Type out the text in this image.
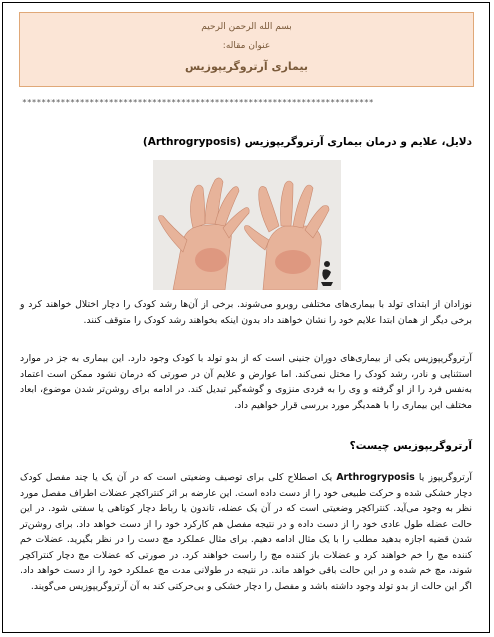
بسم الله الرحمن الرحیم
عنوان مقاله:
بیماری آرتروگریپوزیس
*************************************************************************
دلایل، علایم و درمان بیماری آرتروگریپوزیس (Arthrogryposis)
نوزادان از ابتدای تولد با بیماری‌های مختلفی روبرو می‌شوند. برخی از آن‌ها رشد کودک را دچار اختلال خواهند کرد و برخی دیگر از همان ابتدا علایم خود را نشان خواهند داد بدون اینکه بخواهند رشد کودک را متوقف کنند.
آرتروگریپوزیس یکی از بیماری‌های دوران جنینی است که از بدو تولد با کودک وجود دارد. این بیماری به جز در موارد استثنایی و نادر، رشد کودک را مختل نمی‌کند. اما عوارض و علایم آن در صورتی که درمان نشود ممکن است اعتماد به‌نفس فرد را از او گرفته و وی را به فردی منزوی و گوشه‌گیر تبدیل کند. در ادامه برای روشن‌تر شدن موضوع، ابعاد مختلف این بیماری را با همدیگر مورد بررسی قرار خواهیم داد.
آرتروگریپوزیس چیست؟
آرتروگریپوز یا Arthrogryposis یک اصطلاح کلی برای توصیف وضعیتی است که در آن یک یا چند مفصل کودک دچار خشکی شده و حرکت طبیعی خود را از دست داده است. این عارضه بر اثر کنتراکچر عضلات اطراف مفصل مورد نظر به وجود می‌آید. کنتراکچر وضعیتی است که در آن یک عضله، تاندون یا رباط دچار کوتاهی یا سفتی شود. در این حالت عضله طول عادی خود را از دست داده و در نتیجه مفصل هم کارکرد خود را از دست خواهد داد. برای روشن‌تر شدن قضیه اجازه بدهید مطلب را با یک مثال ادامه دهیم. برای مثال عملکرد مچ دست را در نظر بگیرید. عضلات خم کننده مچ را خم خواهند کرد و عضلات باز کننده مچ را راست خواهند کرد. در صورتی که عضلات مچ دچار کنتراکچر شوند، مچ خم شده و در این حالت باقی خواهد ماند. در نتیجه در طولانی مدت مچ عملکرد خود را از دست خواهد داد. اگر این حالت از بدو تولد وجود داشته باشد و مفصل را دچار خشکی و بی‌حرکتی کند به آن آرتروگریپوزیس می‌گویند.
